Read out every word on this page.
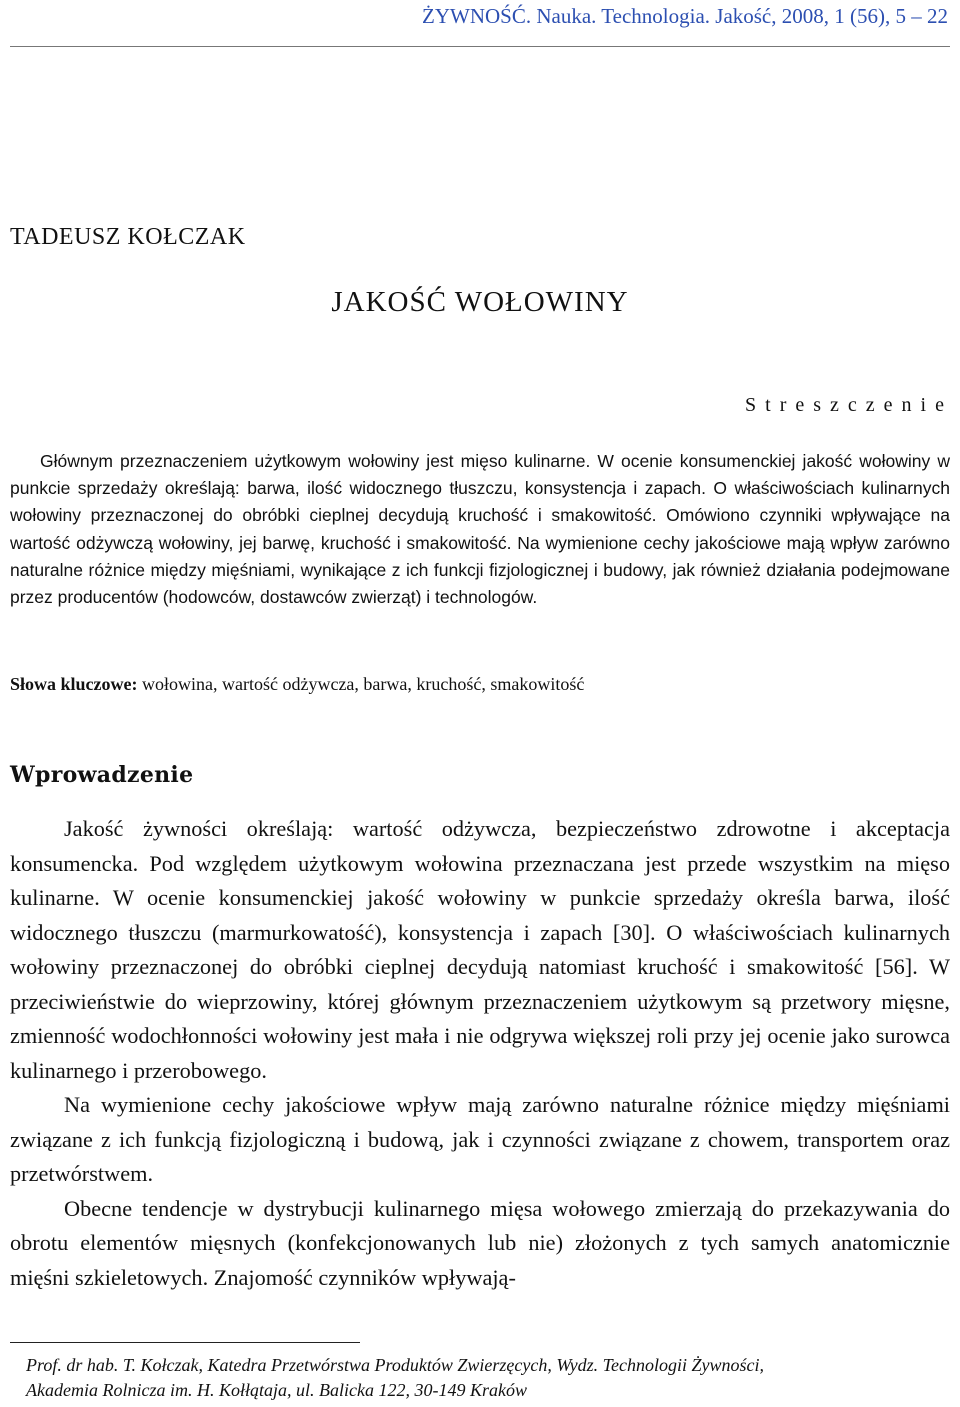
ŻYWNOŚĆ. Nauka. Technologia. Jakość, 2008, 1 (56), 5 – 22
TADEUSZ KOŁCZAK
JAKOŚĆ WOŁOWINY
S t r e s z c z e n i e

Głównym przeznaczeniem użytkowym wołowiny jest mięso kulinarne. W ocenie konsumenckiej jakość wołowiny w punkcie sprzedaży określają: barwa, ilość widocznego tłuszczu, konsystencja i zapach. O właściwościach kulinarnych wołowiny przeznaczonej do obróbki cieplnej decydują kruchość i smakowitość. Omówiono czynniki wpływające na wartość odżywczą wołowiny, jej barwę, kruchość i smakowitość. Na wymienione cechy jakościowe mają wpływ zarówno naturalne różnice między mięśniami, wynikające z ich funkcji fizjologicznej i budowy, jak również działania podejmowane przez producentów (hodowców, dostawców zwierząt) i technologów.

Słowa kluczowe: wołowina, wartość odżywcza, barwa, kruchość, smakowitość

Wprowadzenie

Jakość żywności określają: wartość odżywcza, bezpieczeństwo zdrowotne i akceptacja konsumencka. Pod względem użytkowym wołowina przeznaczana jest przede wszystkim na mięso kulinarne. W ocenie konsumenckiej jakość wołowiny w punkcie sprzedaży określa barwa, ilość widocznego tłuszczu (marmurkowatość), konsystencja i zapach [30]. O właściwościach kulinarnych wołowiny przeznaczonej do obróbki cieplnej decydują natomiast kruchość i smakowitość [56]. W przeciwieństwie do wieprzowiny, której głównym przeznaczeniem użytkowym są przetwory mięsne, zmienność wodochłonności wołowiny jest mała i nie odgrywa większej roli przy jej ocenie jako surowca kulinarnego i przerobowego.

Na wymienione cechy jakościowe wpływ mają zarówno naturalne różnice między mięśniami związane z ich funkcją fizjologiczną i budową, jak i czynności związane z chowem, transportem oraz przetwórstwem.

Obecne tendencje w dystrybucji kulinarnego mięsa wołowego zmierzają do przekazywania do obrotu elementów mięsnych (konfekcjonowanych lub nie) złożonych z tych samych anatomicznie mięśni szkieletowych. Znajomość czynników wpływają-

Prof. dr hab. T. Kołczak, Katedra Przetwórstwa Produktów Zwierzęcych, Wydz. Technologii Żywności,
Akademia Rolnicza im. H. Kołłątaja, ul. Balicka 122, 30-149 Kraków
